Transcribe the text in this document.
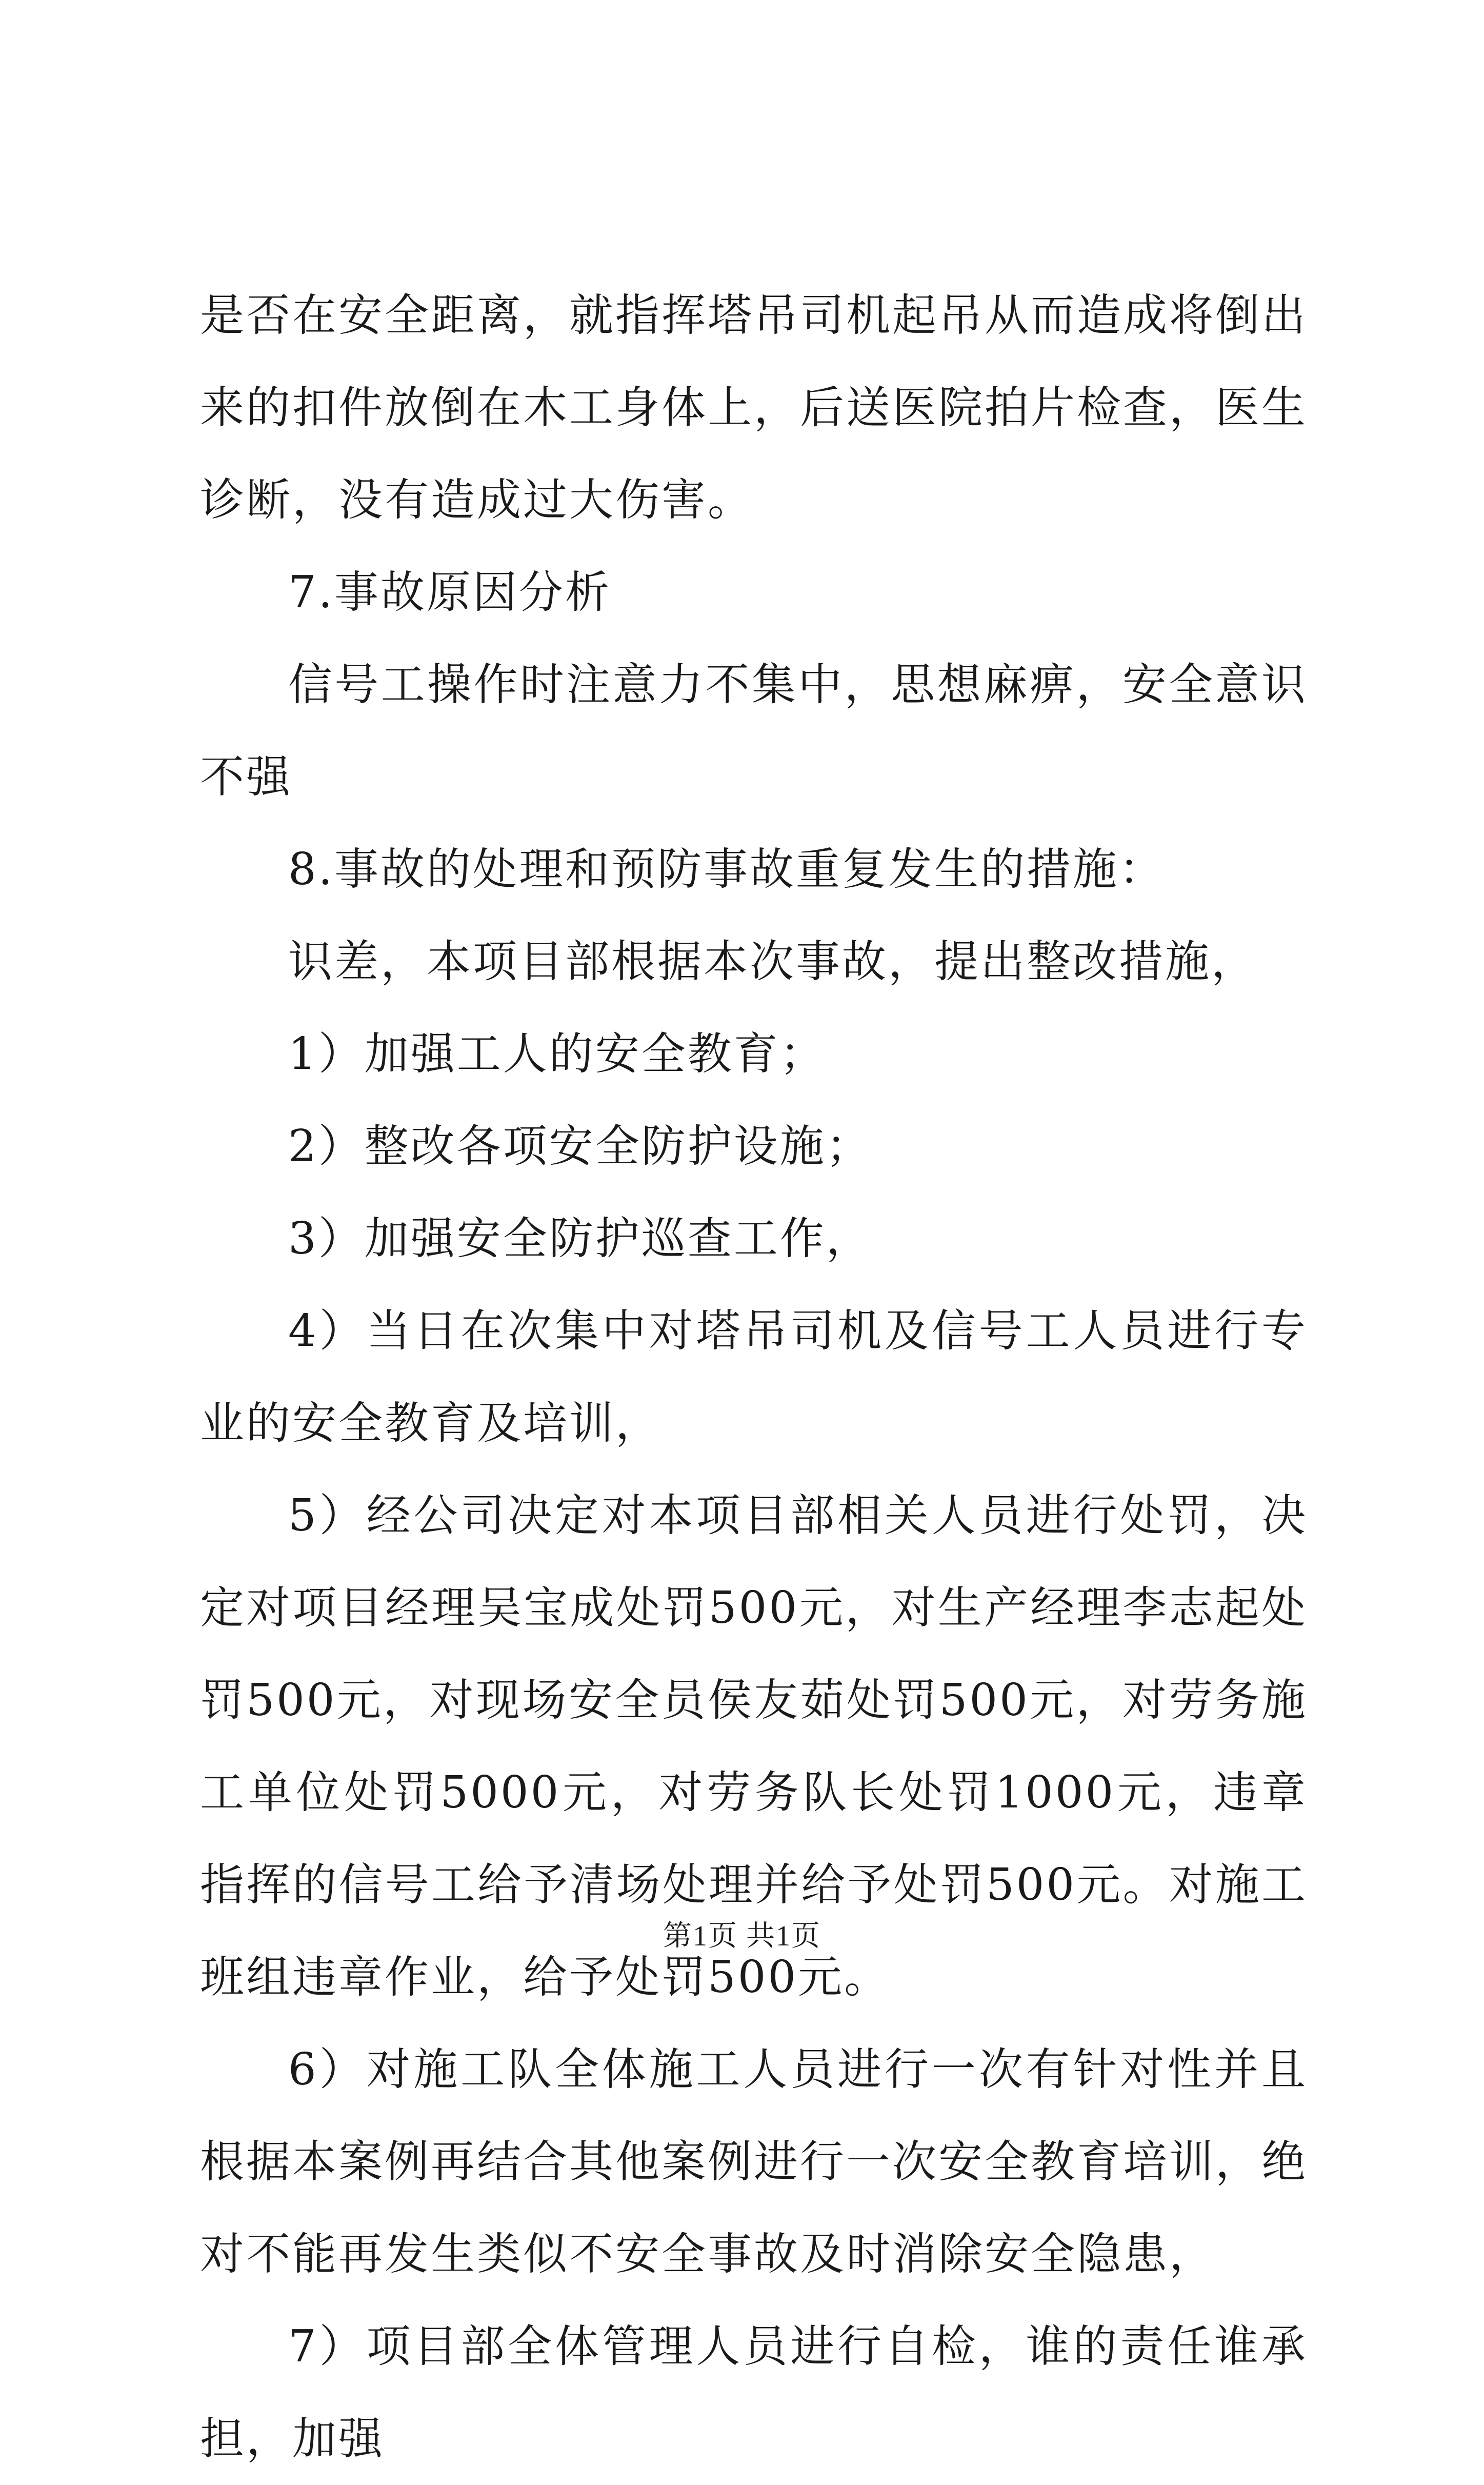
是否在安全距离，就指挥塔吊司机起吊从而造成将倒出来的扣件放倒在木工身体上，后送医院拍片检查，医生诊断，没有造成过大伤害。

7.事故原因分析

信号工操作时注意力不集中，思想麻痹，安全意识不强

8.事故的处理和预防事故重复发生的措施：

识差，本项目部根据本次事故，提出整改措施，

1）加强工人的安全教育；

2）整改各项安全防护设施；

3）加强安全防护巡查工作，

4）当日在次集中对塔吊司机及信号工人员进行专业的安全教育及培训，

5）经公司决定对本项目部相关人员进行处罚，决定对项目经理吴宝成处罚500元，对生产经理李志起处罚500元，对现场安全员侯友茹处罚500元，对劳务施工单位处罚5000元，对劳务队长处罚1000元，违章指挥的信号工给予清场处理并给予处罚500元。对施工班组违章作业，给予处罚500元。

6）对施工队全体施工人员进行一次有针对性并且根据本案例再结合其他案例进行一次安全教育培训，绝对不能再发生类似不安全事故及时消除安全隐患，

7）项目部全体管理人员进行自检，谁的责任谁承担，加强

第1页 共1页
